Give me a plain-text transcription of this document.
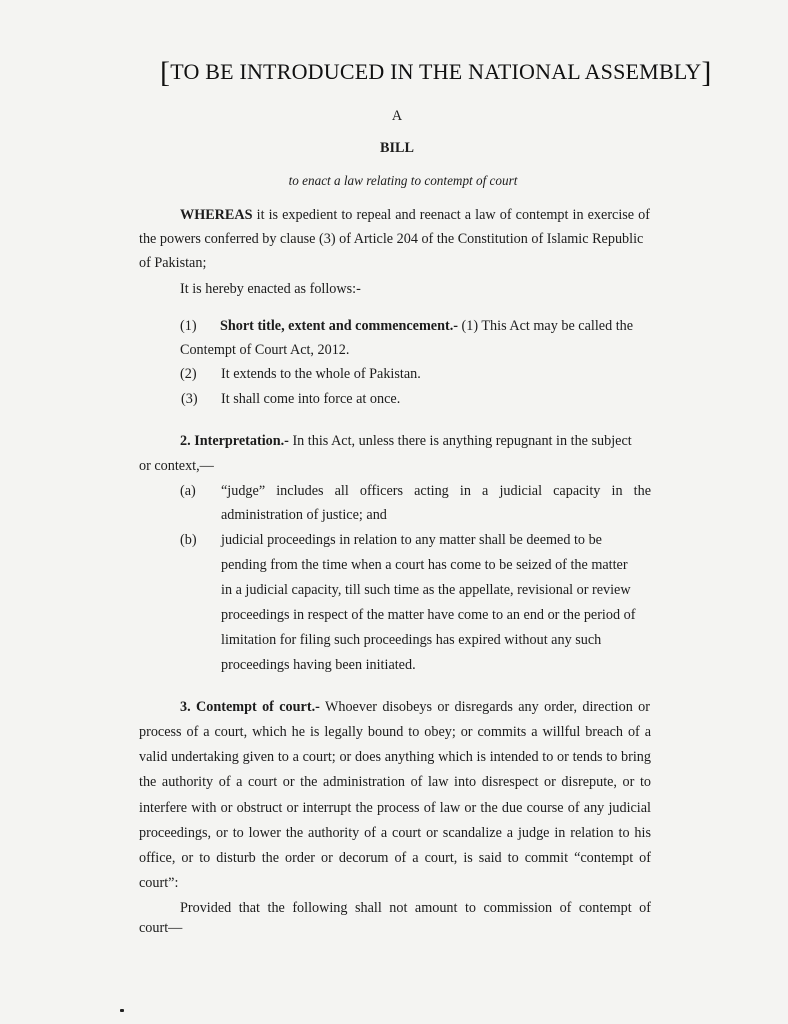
[TO BE INTRODUCED IN THE NATIONAL ASSEMBLY]
A
BILL
to enact a law relating to contempt of court
WHEREAS it is expedient to repeal and reenact a law of contempt in exercise of
the powers conferred by clause (3) of Article 204 of the Constitution of Islamic Republic
of Pakistan;
It is hereby enacted as follows:-
(1) Short title, extent and commencement.- (1) This Act may be called the
Contempt of Court Act, 2012.
(2) It extends to the whole of Pakistan.
(3) It shall come into force at once.
2. Interpretation.- In this Act, unless there is anything repugnant in the subject
or context,—
(a) “judge” includes all officers acting in a judicial capacity in the
administration of justice; and
(b) judicial proceedings in relation to any matter shall be deemed to be
pending from the time when a court has come to be seized of the matter
in a judicial capacity, till such time as the appellate, revisional or review
proceedings in respect of the matter have come to an end or the period of
limitation for filing such proceedings has expired without any such
proceedings having been initiated.
3. Contempt of court.- Whoever disobeys or disregards any order, direction or
process of a court, which he is legally bound to obey; or commits a willful breach of a
valid undertaking given to a court; or does anything which is intended to or tends to bring
the authority of a court or the administration of law into disrespect or disrepute, or to
interfere with or obstruct or interrupt the process of law or the due course of any judicial
proceedings, or to lower the authority of a court or scandalize a judge in relation to his
office, or to disturb the order or decorum of a court, is said to commit “contempt of
court”:
Provided that the following shall not amount to commission of contempt of
court—
